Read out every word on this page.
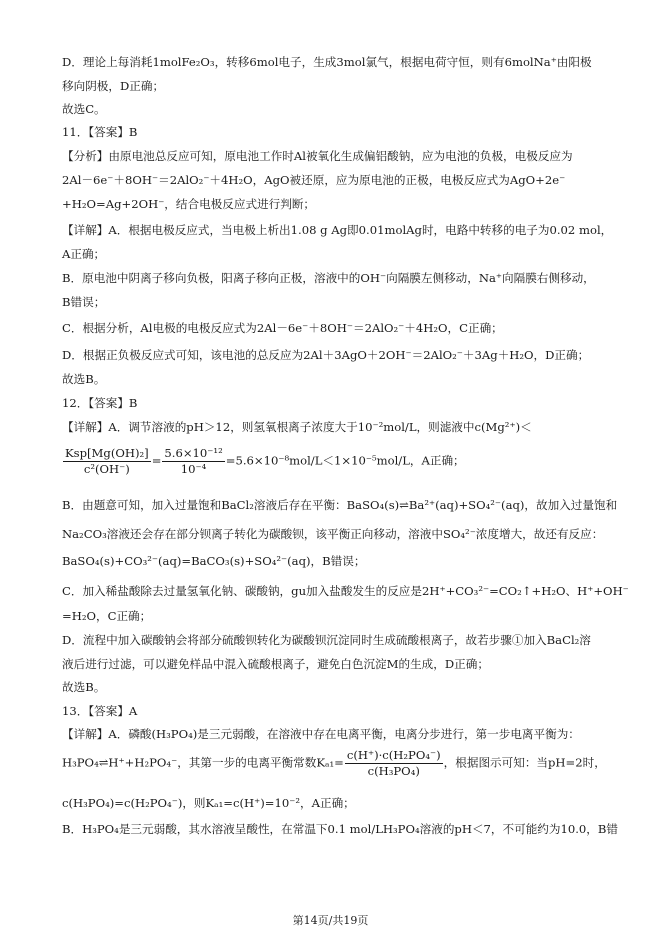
D．理论上每消耗1molFe₂O₃，转移6mol电子，生成3mol氯气，根据电荷守恒，则有6molNa⁺由阳极
移向阴极，D正确；
故选C。
11．【答案】B
【分析】由原电池总反应可知，原电池工作时Al被氧化生成偏铝酸钠，应为电池的负极，电极反应为
2Al－6e⁻＋8OH⁻＝2AlO₂⁻＋4H₂O，AgO被还原，应为原电池的正极，电极反应式为AgO+2e⁻
+H₂O=Ag+2OH⁻，结合电极反应式进行判断；
【详解】A．根据电极反应式，当电极上析出1.08 g Ag即0.01molAg时，电路中转移的电子为0.02 mol，
A正确；
B．原电池中阴离子移向负极，阳离子移向正极，溶液中的OH⁻向隔膜左侧移动，Na⁺向隔膜右侧移动，
B错误；
C．根据分析，Al电极的电极反应式为2Al－6e⁻＋8OH⁻＝2AlO₂⁻＋4H₂O，C正确；
D．根据正负极反应式可知，该电池的总反应为2Al＋3AgO＋2OH⁻＝2AlO₂⁻＋3Ag＋H₂O，D正确；
故选B。
12．【答案】B
【详解】A．调节溶液的pH＞12，则氢氧根离子浓度大于10⁻²mol/L，则滤液中c(Mg²⁺)＜
$\frac{\text{Ksp[Mg(OH)₂]}}{\text{c²(OH⁻)}} = \frac{\text{5.6×10⁻¹²}}{\text{10⁻⁴}} =5.6\times 10^{-8}mol/L<1\times 10^{-5}mol/L$，A正确；
B．由题意可知，加入过量饱和BaCl₂溶液后存在平衡：BaSO₄(s)⇌Ba²⁺(aq)+SO₄²⁻(aq)，故加入过量饱和
Na₂CO₃溶液还会存在部分钡离子转化为碳酸钡，该平衡正向移动，溶液中SO₄²⁻浓度增大，故还有反应：
BaSO₄(s)+CO₃²⁻(aq)=BaCO₃(s)+SO₄²⁻(aq)，B错误；
C．加入稀盐酸除去过量氢氧化钠、碳酸钠，gu加入盐酸发生的反应是2H⁺+CO₃²⁻=CO₂↑+H₂O、H⁺+OH⁻
=H₂O，C正确；
D．流程中加入碳酸钠会将部分硫酸钡转化为碳酸钡沉淀同时生成硫酸根离子，故若步骤①加入BaCl₂溶
液后进行过滤，可以避免样品中混入硫酸根离子，避免白色沉淀M的生成，D正确；
故选B。
13．【答案】A
【详解】A．磷酸(H₃PO₄)是三元弱酸，在溶液中存在电离平衡，电离分步进行，第一步电离平衡为：
H₃PO₄⇌H⁺+H₂PO₄⁻，其第一步的电离平衡常数$K_{a1}= \frac{\text{c(H⁺)·c(H₂PO₄⁻)}}{\text{c(H₃PO₄)}}$ ，根据图示可知：当pH=2时，
c(H₃PO₄)=c(H₂PO₄⁻)，则Kₐ₁=c(H⁺)=10⁻²，A正确；
B．H₃PO₄是三元弱酸，其水溶液呈酸性，在常温下0.1 mol/LH₃PO₄溶液的pH＜7，不可能约为10.0，B错
第14页/共19页
